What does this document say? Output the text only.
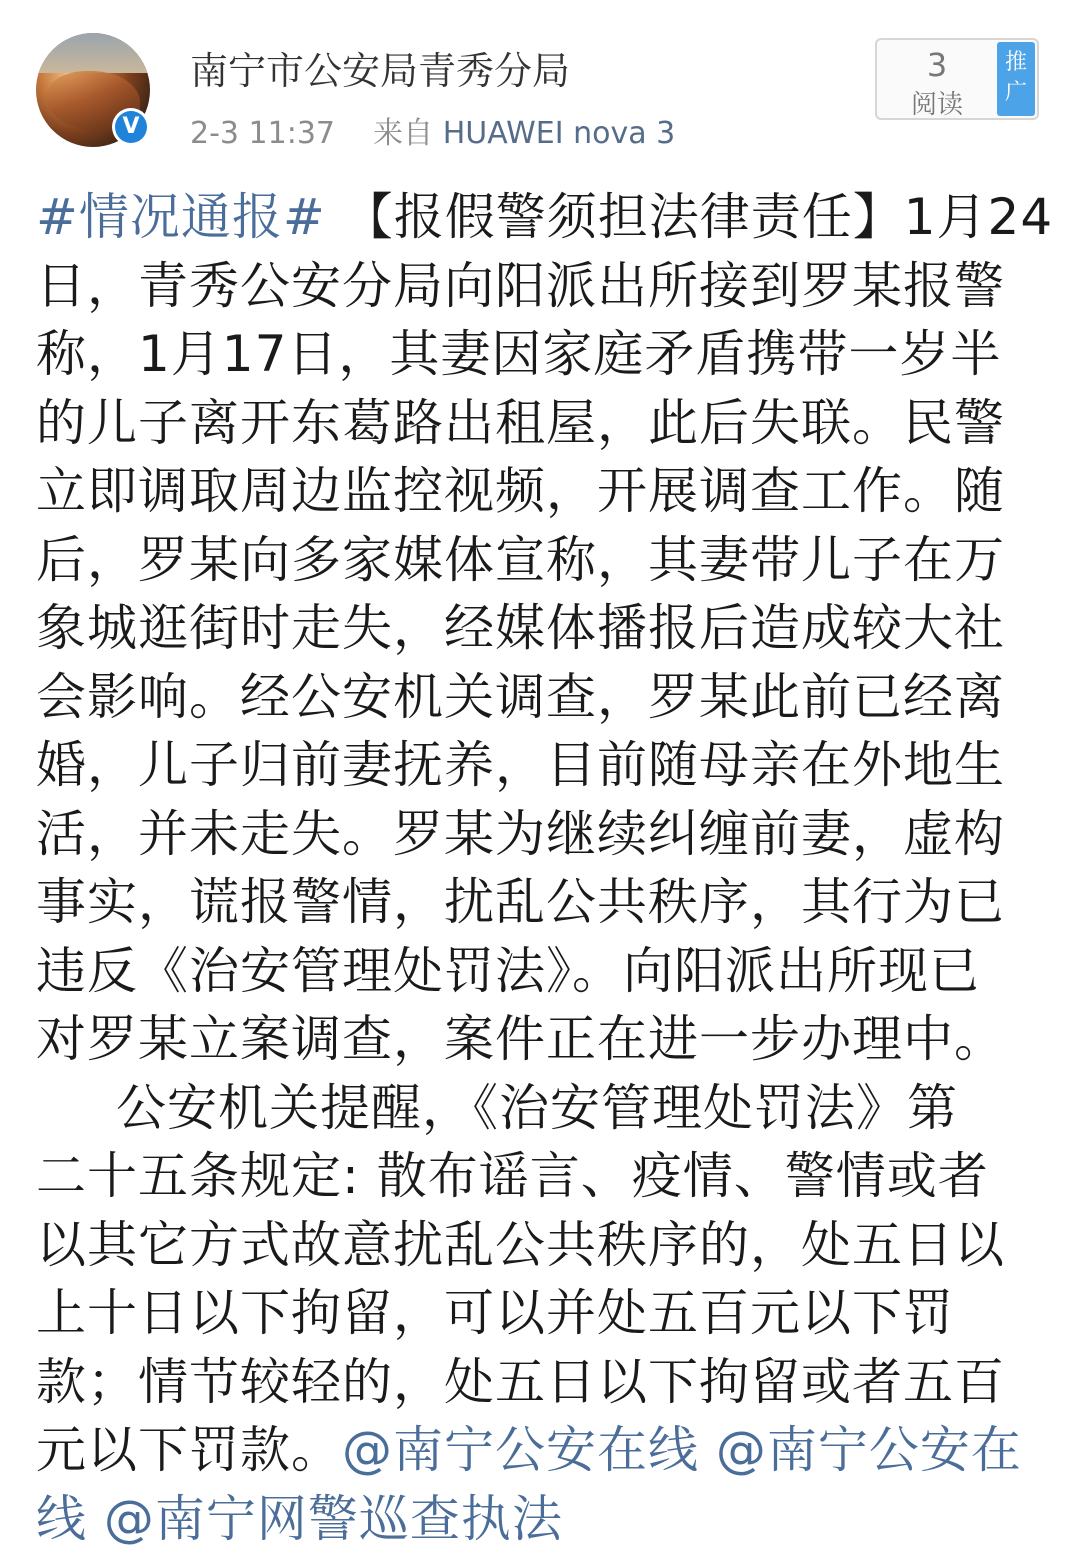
V
南宁市公安局青秀分局
2-3 11:37 来自 HUAWEI nova 3
3
阅读
推
广
#情况通报# 【报假警须担法律责任】1月24
日，青秀公安分局向阳派出所接到罗某报警
称，1月17日，其妻因家庭矛盾携带一岁半
的儿子离开东葛路出租屋，此后失联。民警
立即调取周边监控视频，开展调查工作。随
后，罗某向多家媒体宣称，其妻带儿子在万
象城逛街时走失，经媒体播报后造成较大社
会影响。经公安机关调查，罗某此前已经离
婚，儿子归前妻抚养，目前随母亲在外地生
活，并未走失。罗某为继续纠缠前妻，虚构
事实，谎报警情，扰乱公共秩序，其行为已
违反《治安管理处罚法》。向阳派出所现已
对罗某立案调查，案件正在进一步办理中。
公安机关提醒，《治安管理处罚法》第
二十五条规定: 散布谣言、疫情、警情或者
以其它方式故意扰乱公共秩序的，处五日以
上十日以下拘留，可以并处五百元以下罚
款；情节较轻的，处五日以下拘留或者五百
元以下罚款。@南宁公安在线 @南宁公安在
线 @南宁网警巡查执法
